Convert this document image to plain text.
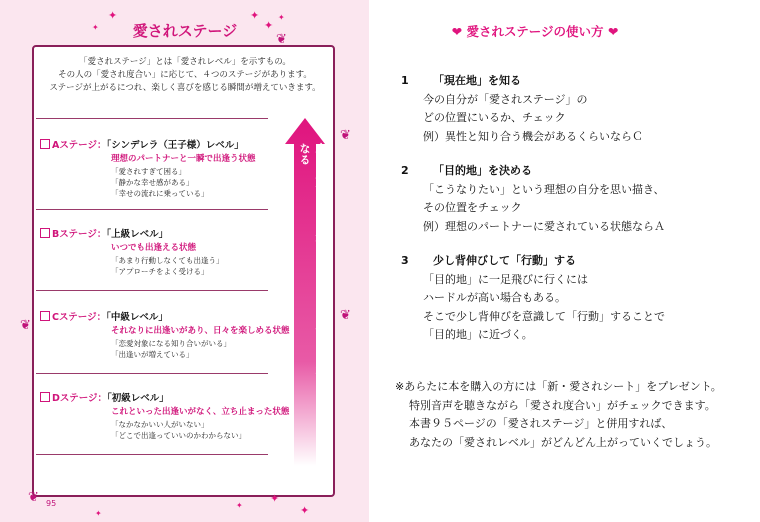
愛されステージ
✦
✦
✦
✦
✦
❦
❦
❦
❦
❦
✦
✦	✦
✦
「愛されステージ」とは「愛されレベル」を示すもの。
その人の「愛され度合い」に応じて、４つのステージがあります。
ステージが上がるにつれ、楽しく喜びを感じる瞬間が増えていきます。
Aステージ：「シンデレラ（王子様）レベル」
理想のパートナーと一瞬で出逢う状態
「愛されすぎて困る」
「静かな幸せ感がある」
「幸せの流れに乗っている」
Bステージ：「上級レベル」
いつでも出逢える状態
「あまり行動しなくても出逢う」
「アプローチをよく受ける」
Cステージ：「中級レベル」
それなりに出逢いがあり、日々を楽しめる状態
「恋愛対象になる知り合いがいる」
「出逢いが増えている」
Dステージ：「初級レベル」
これといった出逢いがなく、立ち止まった状態
「なかなかいい人がいない」
「どこで出逢っていいのかわからない」	本当に望むことを選ぶとステージが上がり、愛されるようになる
95
❤ 愛されステージの使い方 ❤
1 「現在地」を知る
今の自分が「愛されステージ」の
どの位置にいるか、チェック
例）異性と知り合う機会があるくらいならＣ
2 「目的地」を決める
「こうなりたい」という理想の自分を思い描き、
その位置をチェック
例）理想のパートナーに愛されている状態ならＡ
3 少し背伸びして「行動」する
「目的地」に一足飛びに行くには
ハードルが高い場合もある。
そこで少し背伸びを意識して「行動」することで
「目的地」に近づく。
※あらたに本を購入の方には「新・愛されシート」をプレゼント。
特別音声を聴きながら「愛され度合い」がチェックできます。
本書９５ページの「愛されステージ」と併用すれば、
あなたの「愛されレベル」がどんどん上がっていくでしょう。
